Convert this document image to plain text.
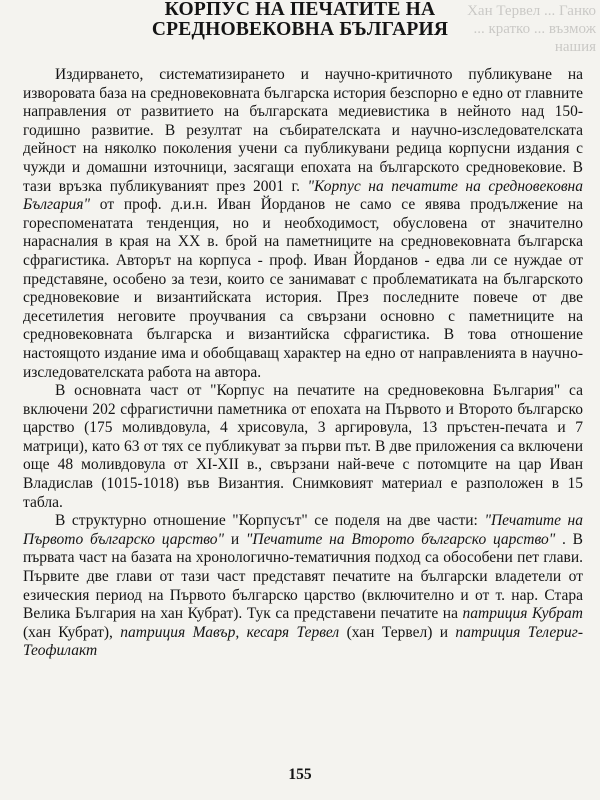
Хан Тервел ... Ганко ... кратко ... възмож нашия
КОРПУС НА ПЕЧАТИТЕ НА
СРЕДНОВЕКОВНА БЪЛГАРИЯ

Издирването, систематизирането и научно-критичното публикуване на изворовата база на средновековната българска история безспорно е едно от главните направления от развитието на българската медиевистика в нейното над 150-годишно развитие. В резултат на събирателската и научно-изследователската дейност на няколко поколения учени са публикувани редица корпусни издания с чужди и домашни източници, засягащи епохата на българското средновековие. В тази връзка публикуваният през 2001 г. "Корпус на печатите на средновековна България" от проф. д.и.н. Иван Йорданов не само се явява продължение на гореспоменатата тенденция, но и необходимост, обусловена от значително нарасналия в края на XX в. брой на паметниците на средновековната българска сфрагистика. Авторът на корпуса - проф. Иван Йорданов - едва ли се нуждае от представяне, особено за тези, които се занимават с проблематиката на българското средновековие и византийската история. През последните повече от две десетилетия неговите проучвания са свързани основно с паметниците на средновековната българска и византийска сфрагистика. В това отношение настоящото издание има и обобщаващ характер на едно от направленията в научно-изследователската работа на автора.

В основната част от "Корпус на печатите на средновековна България" са включени 202 сфрагистични паметника от епохата на Първото и Второто българско царство (175 моливдовула, 4 хрисовула, 3 аргировула, 13 пръстен-печата и 7 матрици), като 63 от тях се публикуват за първи път. В две приложения са включени още 48 моливдовула от XI-XII в., свързани най-вече с потомците на цар Иван Владислав (1015-1018) във Византия. Снимковият материал е разположен в 15 табла.

В структурно отношение "Корпусът" се поделя на две части: "Печатите на Първото българско царство" и "Печатите на Второто българско царство" . В първата част на базата на хронологично-тематичния подход са обособени пет глави. Първите две глави от тази част представят печатите на български владетели от езическия период на Първото българско царство (включително и от т. нар. Стара Велика България на хан Кубрат). Тук са представени печатите на патриция Кубрат (хан Кубрат), патриция Мавър, кесаря Тервел (хан Тервел) и патриция Телериг-Теофилакт

155
